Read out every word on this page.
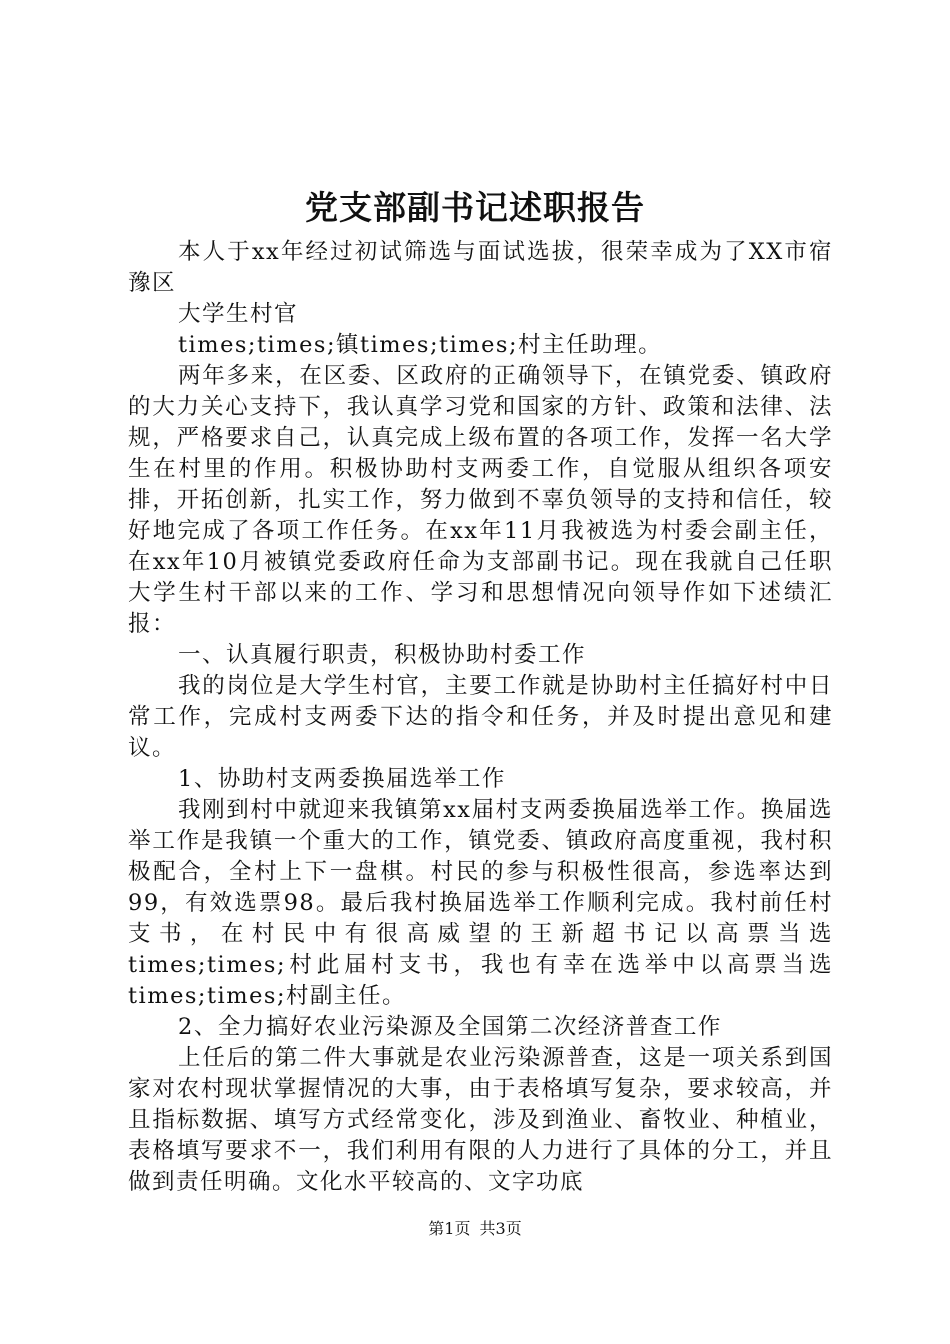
党支部副书记述职报告

本人于xx年经过初试筛选与面试选拔，很荣幸成为了XX市宿豫区

大学生村官

times;times;镇times;times;村主任助理。

两年多来，在区委、区政府的正确领导下，在镇党委、镇政府的大力关心支持下，我认真学习党和国家的方针、政策和法律、法规，严格要求自己，认真完成上级布置的各项工作，发挥一名大学生在村里的作用。积极协助村支两委工作，自觉服从组织各项安排，开拓创新，扎实工作，努力做到不辜负领导的支持和信任，较好地完成了各项工作任务。在xx年11月我被选为村委会副主任，在xx年10月被镇党委政府任命为支部副书记。现在我就自己任职大学生村干部以来的工作、学习和思想情况向领导作如下述绩汇报：

一、认真履行职责，积极协助村委工作

我的岗位是大学生村官，主要工作就是协助村主任搞好村中日常工作，完成村支两委下达的指令和任务，并及时提出意见和建议。

1、协助村支两委换届选举工作

我刚到村中就迎来我镇第xx届村支两委换届选举工作。换届选举工作是我镇一个重大的工作，镇党委、镇政府高度重视，我村积极配合，全村上下一盘棋。村民的参与积极性很高，参选率达到99，有效选票98。最后我村换届选举工作顺利完成。我村前任村支书，在村民中有很高威望的王新超书记以高票当选times;times;村此届村支书，我也有幸在选举中以高票当选times;times;村副主任。

2、全力搞好农业污染源及全国第二次经济普查工作

上任后的第二件大事就是农业污染源普查，这是一项关系到国家对农村现状掌握情况的大事，由于表格填写复杂，要求较高，并且指标数据、填写方式经常变化，涉及到渔业、畜牧业、种植业，表格填写要求不一，我们利用有限的人力进行了具体的分工，并且做到责任明确。文化水平较高的、文字功底

第1页 共3页
